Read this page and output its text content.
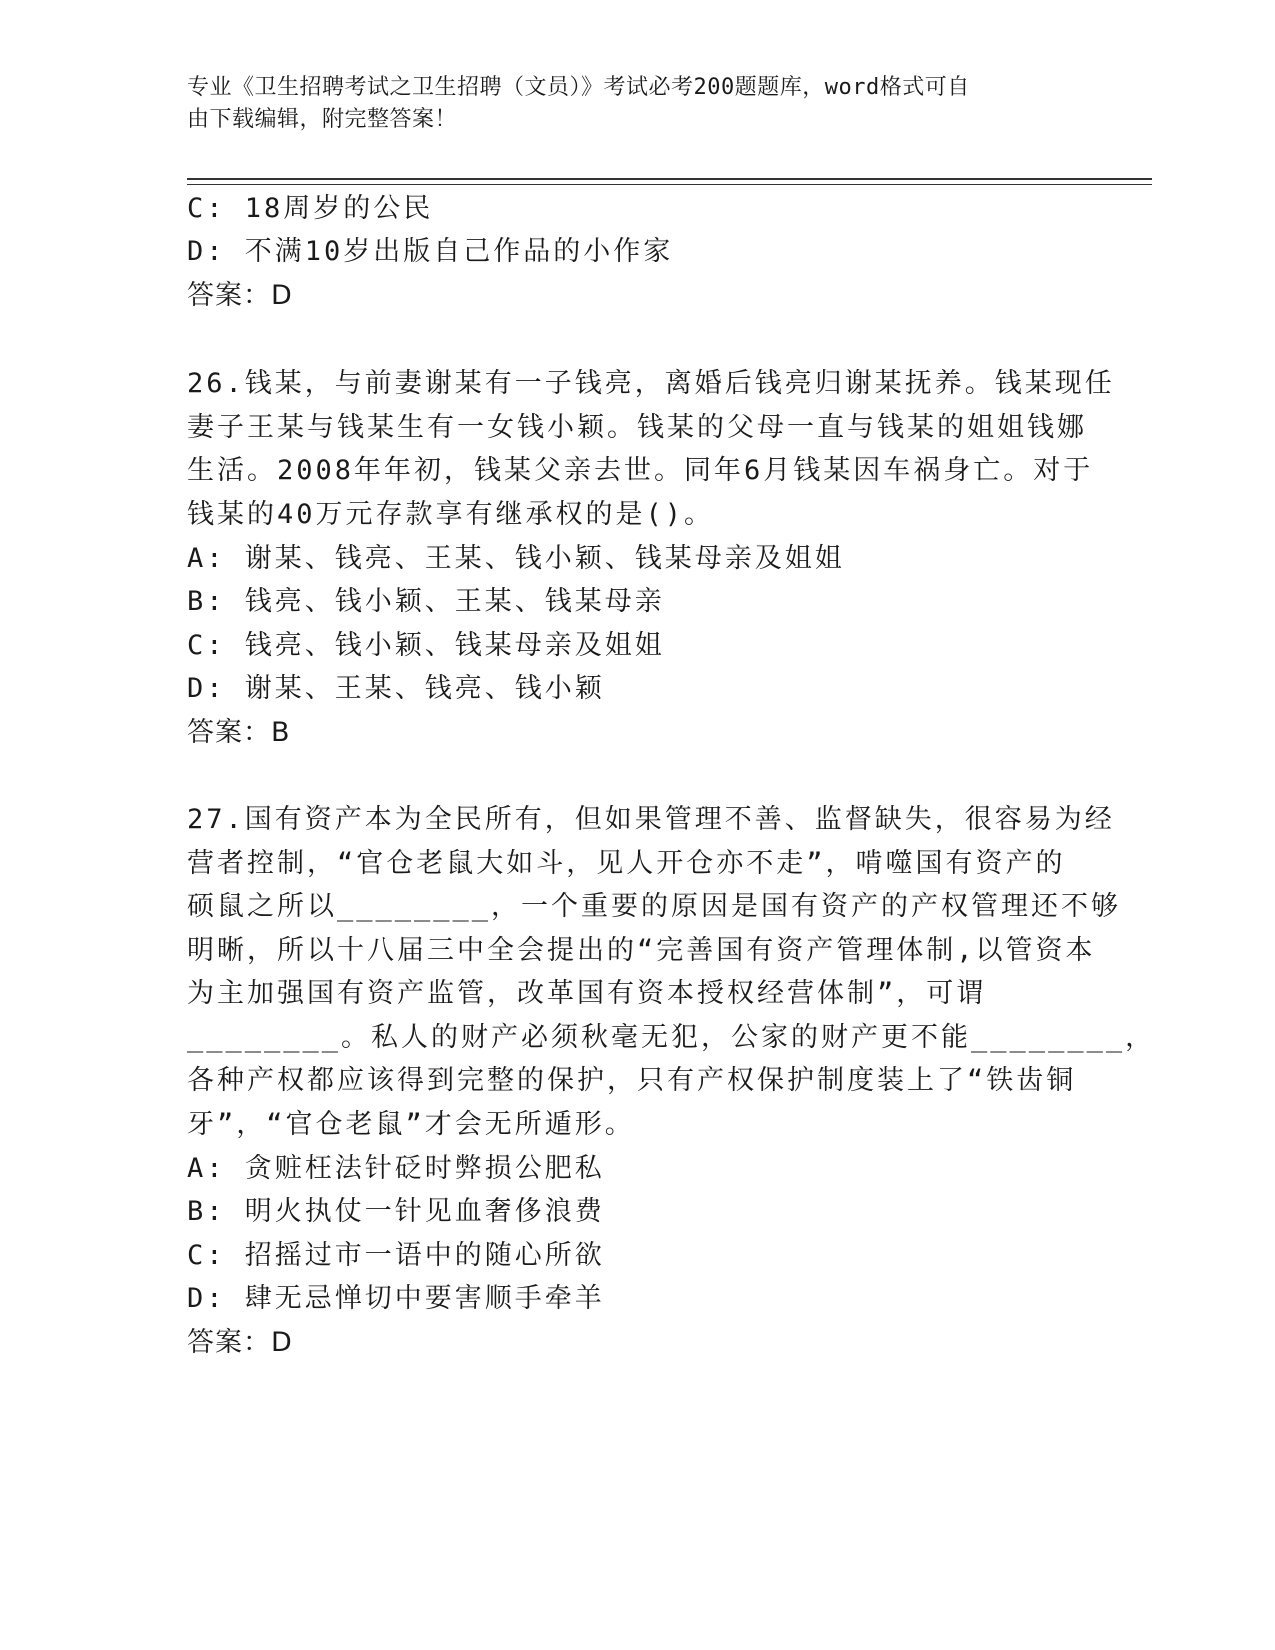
专业《卫生招聘考试之卫生招聘（文员）》考试必考200题题库，word格式可自
由下载编辑，附完整答案！
C: 18周岁的公民
D: 不满10岁出版自己作品的小作家
答案：D
26.钱某，与前妻谢某有一子钱亮，离婚后钱亮归谢某抚养。钱某现任
妻子王某与钱某生有一女钱小颖。钱某的父母一直与钱某的姐姐钱娜
生活。2008年年初，钱某父亲去世。同年6月钱某因车祸身亡。对于
钱某的40万元存款享有继承权的是()。
A: 谢某、钱亮、王某、钱小颖、钱某母亲及姐姐
B: 钱亮、钱小颖、王某、钱某母亲
C: 钱亮、钱小颖、钱某母亲及姐姐
D: 谢某、王某、钱亮、钱小颖
答案：B
27.国有资产本为全民所有，但如果管理不善、监督缺失，很容易为经
营者控制，“官仓老鼠大如斗，见人开仓亦不走”，啃噬国有资产的
硕鼠之所以________，一个重要的原因是国有资产的产权管理还不够
明晰，所以十八届三中全会提出的“完善国有资产管理体制,以管资本
为主加强国有资产监管，改革国有资本授权经营体制”，可谓
________。私人的财产必须秋毫无犯，公家的财产更不能________，
各种产权都应该得到完整的保护，只有产权保护制度装上了“铁齿铜
牙”，“官仓老鼠”才会无所遁形。
A: 贪赃枉法针砭时弊损公肥私
B: 明火执仗一针见血奢侈浪费
C: 招摇过市一语中的随心所欲
D: 肆无忌惮切中要害顺手牵羊
答案：D
